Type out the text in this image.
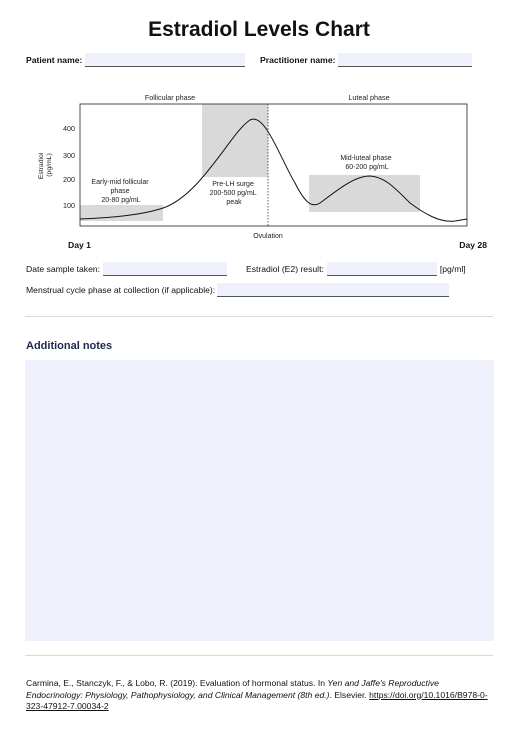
Estradiol Levels Chart
Patient name:	Practitioner name:
Follicular phase	Luteal phase
Estradiol (pg/mL)
400
300
200
100
Early-mid follicular phase 20-80 pg/mL
Pre-LH surge 200-500 pg/mL peak
Mid-luteal phase 60-200 pg/mL
Ovulation
Day 1	Day 28
Date sample taken:	Estradiol (E2) result:	[pg/ml]
Menstrual cycle phase at collection (if applicable):
Additional notes
Carmina, E., Stanczyk, F., & Lobo, R. (2019). Evaluation of hormonal status. In Yen and Jaffe's Reproductive Endocrinology: Physiology, Pathophysiology, and Clinical Management (8th ed.). Elsevier. https://doi.org/10.1016/B978-0-323-47912-7.00034-2
